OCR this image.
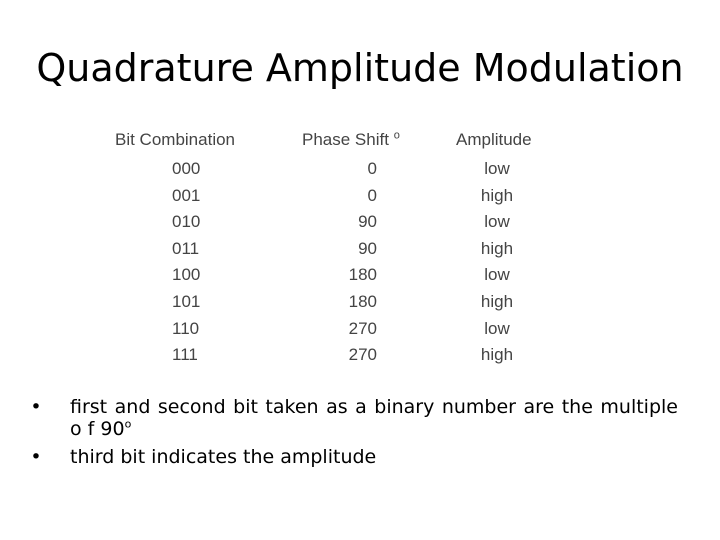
Quadrature Amplitude Modulation
Bit Combination	Phase Shift $^o$	Amplitude
000	0	low
001	0	high
010	90	low
011	90	high
100	180	low
101	180	high
110	270	low
111	270	high
• first and second bit taken as a binary number are the multiple o f 90$^o$
• third bit indicates the amplitude
